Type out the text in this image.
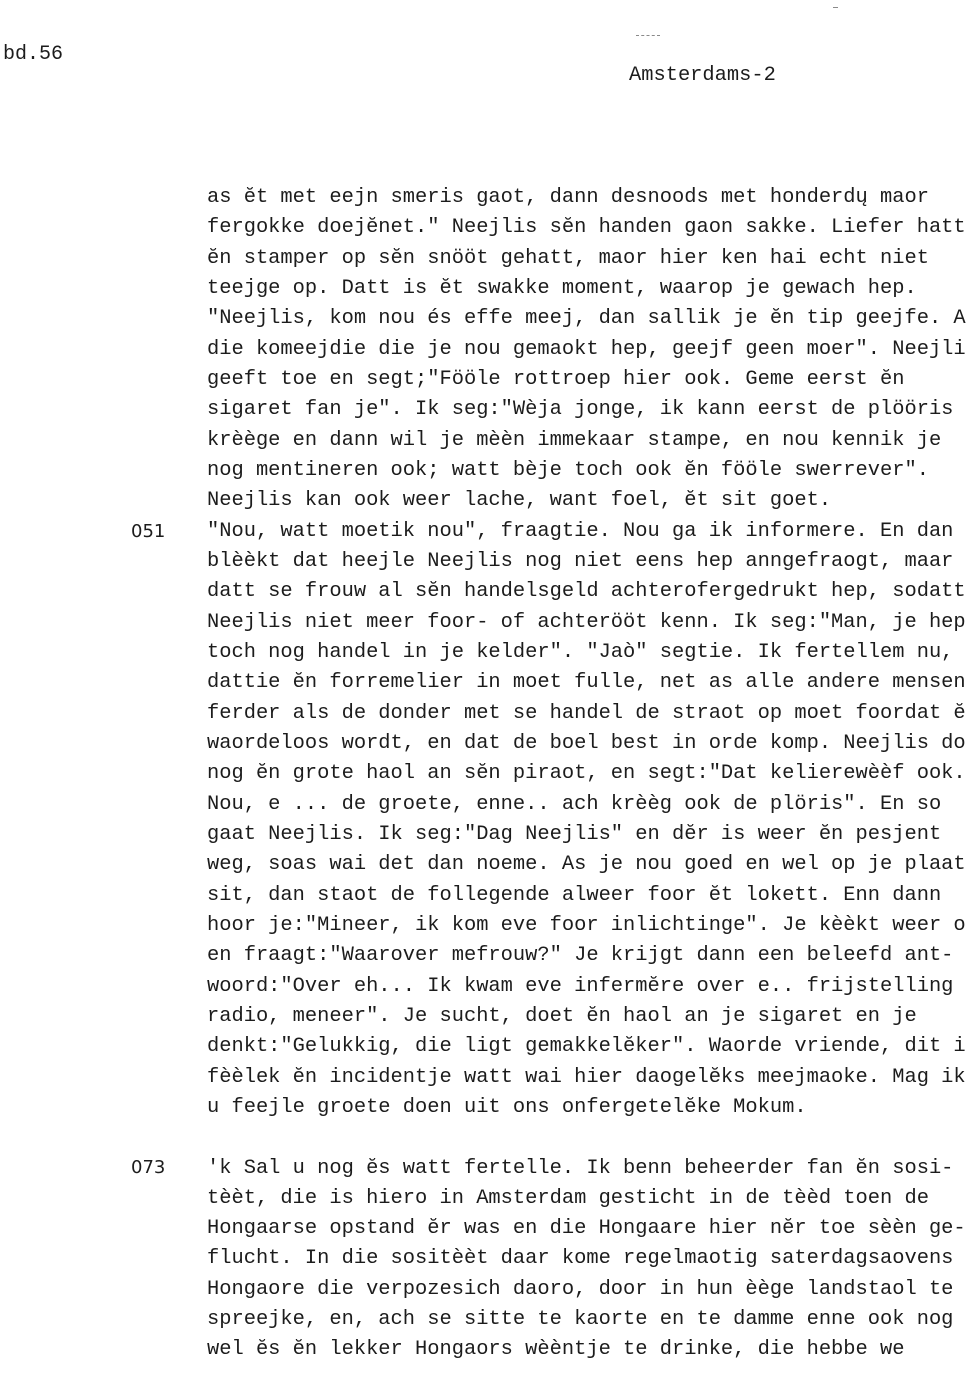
bd.56
Amsterdams-2
051
073
as ĕt met eejn smeris gaot, dann desnoods met honderdų maor
fergokke doejĕnet." Neejlis sĕn handen gaon sakke. Liefer hatt
ĕn stamper op sĕn snööt gehatt, maor hier ken hai echt niet
teejge op. Datt is ĕt swakke moment, waarop je gewach hep.
"Neejlis, kom nou és effe meej, dan sallik je ĕn tip geejfe. A
die komeejdie die je nou gemaokt hep, geejf geen moer". Neejli
geeft toe en segt;"Fööle rottroep hier ook. Geme eerst ĕn
sigaret fan je". Ik seg:"Wèja jonge, ik kann eerst de plööris
krèège en dann wil je mèèn immekaar stampe, en nou kennik je
nog mentineren ook; watt bèje toch ook ĕn fööle swerrever".
Neejlis kan ook weer lache, want foel, ĕt sit goet.
"Nou, watt moetik nou", fraagtie. Nou ga ik informere. En dan
blèèkt dat heejle Neejlis nog niet eens hep anngefraogt, maar
datt se frouw al sĕn handelsgeld achterofergedrukt hep, sodatt
Neejlis niet meer foor- of achterööt kenn. Ik seg:"Man, je hep
toch nog handel in je kelder". "Jaò" segtie. Ik fertellem nu,
dattie ĕn forremelier in moet fulle, net as alle andere mensen
ferder als de donder met se handel de straot op moet foordat ĕ
waordeloos wordt, en dat de boel best in orde komp. Neejlis do
nog ĕn grote haol an sĕn piraot, en segt:"Dat kelierewèèf ook.
Nou, e ... de groete, enne.. ach krèèg ook de plöris". En so
gaat Neejlis. Ik seg:"Dag Neejlis" en dĕr is weer ĕn pesjent
weg, soas wai det dan noeme. As je nou goed en wel op je plaat
sit, dan staot de follegende alweer foor ĕt lokett. Enn dann
hoor je:"Mineer, ik kom eve foor inlichtinge". Je kèèkt weer o
en fraagt:"Waarover mefrouw?" Je krijgt dann een beleefd ant-
woord:"Over eh... Ik kwam eve infermĕre over e.. frijstelling
radio, meneer". Je sucht, doet ĕn haol an je sigaret en je
denkt:"Gelukkig, die ligt gemakkelĕker". Waorde vriende, dit i
fèèlek ĕn incidentje watt wai hier daogelĕks meejmaoke. Mag ik
u feejle groete doen uit ons onfergetelĕke Mokum.
'k Sal u nog ĕs watt fertelle. Ik benn beheerder fan ĕn sosi-
tèèt, die is hiero in Amsterdam gesticht in de tèèd toen de
Hongaarse opstand ĕr was en die Hongaare hier nĕr toe sèèn ge-
flucht. In die sositèèt daar kome regelmaotig saterdagsaovens
Hongaore die verpozesich daoro, door in hun èège landstaol te
spreejke, en, ach se sitte te kaorte en te damme enne ook nog
wel ĕs ĕn lekker Hongaors wèèntje te drinke, die hebbe we
